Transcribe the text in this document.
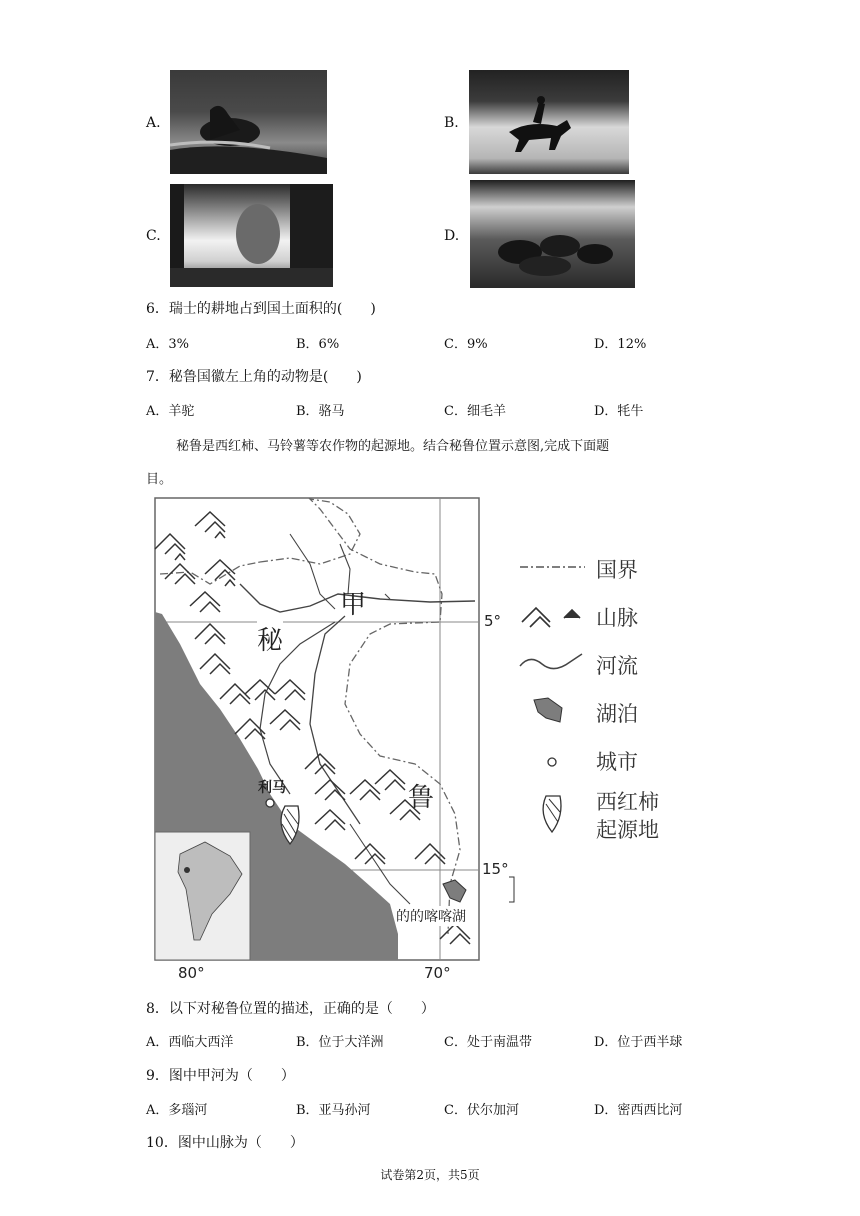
A.	B.
C.	D.
6．瑞士的耕地占到国土面积的(　　)
A．3%	B．6%	C．9%	D．12%
7．秘鲁国徽左上角的动物是(　　)
A．羊驼	B．骆马	C．细毛羊	D．牦牛
秘鲁是西红柿、马铃薯等农作物的起源地。结合秘鲁位置示意图,完成下面题
目。
甲
秘
鲁
利马
的的喀喀湖
5°
15°
80°	70°
国界
山脉
河流
湖泊
城市
西红柿
起源地
8．以下对秘鲁位置的描述，正确的是（　　）
A．西临大西洋	B．位于大洋洲	C．处于南温带	D．位于西半球
9．图中甲河为（　　）
A．多瑙河	B．亚马孙河	C．伏尔加河	D．密西西比河
10．图中山脉为（　　）
试卷第2页，共5页
